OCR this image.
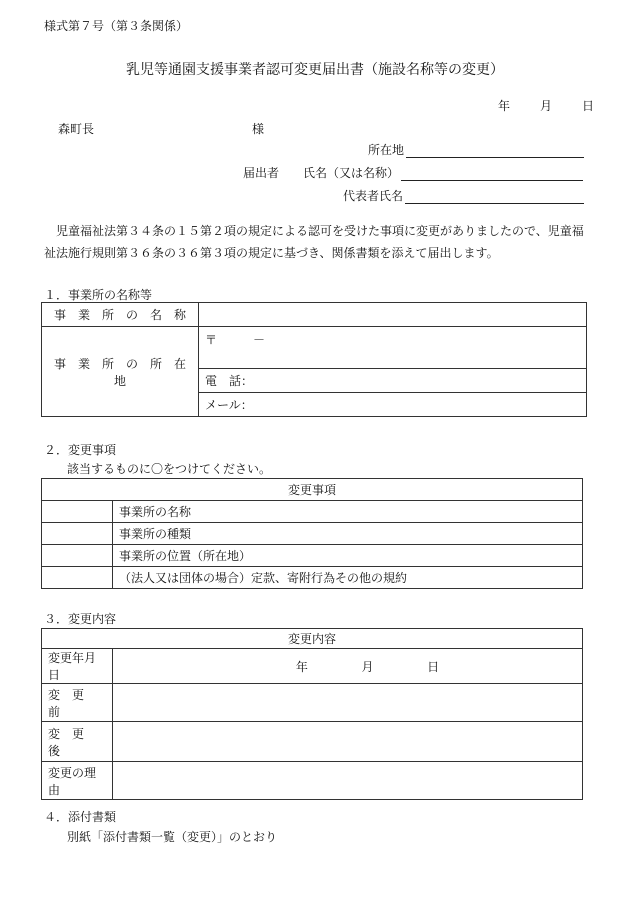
様式第７号（第３条関係）
乳児等通園支援事業者認可変更届出書（施設名称等の変更）
年 月 日
森町長	様
所在地
届出者 氏名（又は名称）
代表者氏名
児童福祉法第３４条の１５第２項の規定による認可を受けた事項に変更がありましたので、児童福祉法施行規則第３６条の３６第３項の規定に基づき、関係書類を添えて届出します。
１．事業所の名称等
事　業　所　の　名　称	
事　業　所　の　所　在　地	〒　　　－
	電　話：
	メール：
２．変更事項
該当するものに〇をつけてください。
変更事項	
	事業所の名称
	事業所の種類
	事業所の位置（所在地）
	（法人又は団体の場合）定款、寄附行為その他の規約
３．変更内容
変更内容	
変更年月日	年 月 日

変　更　前	
変　更　後	
変更の理由	
４．添付書類
別紙「添付書類一覧（変更）」のとおり
